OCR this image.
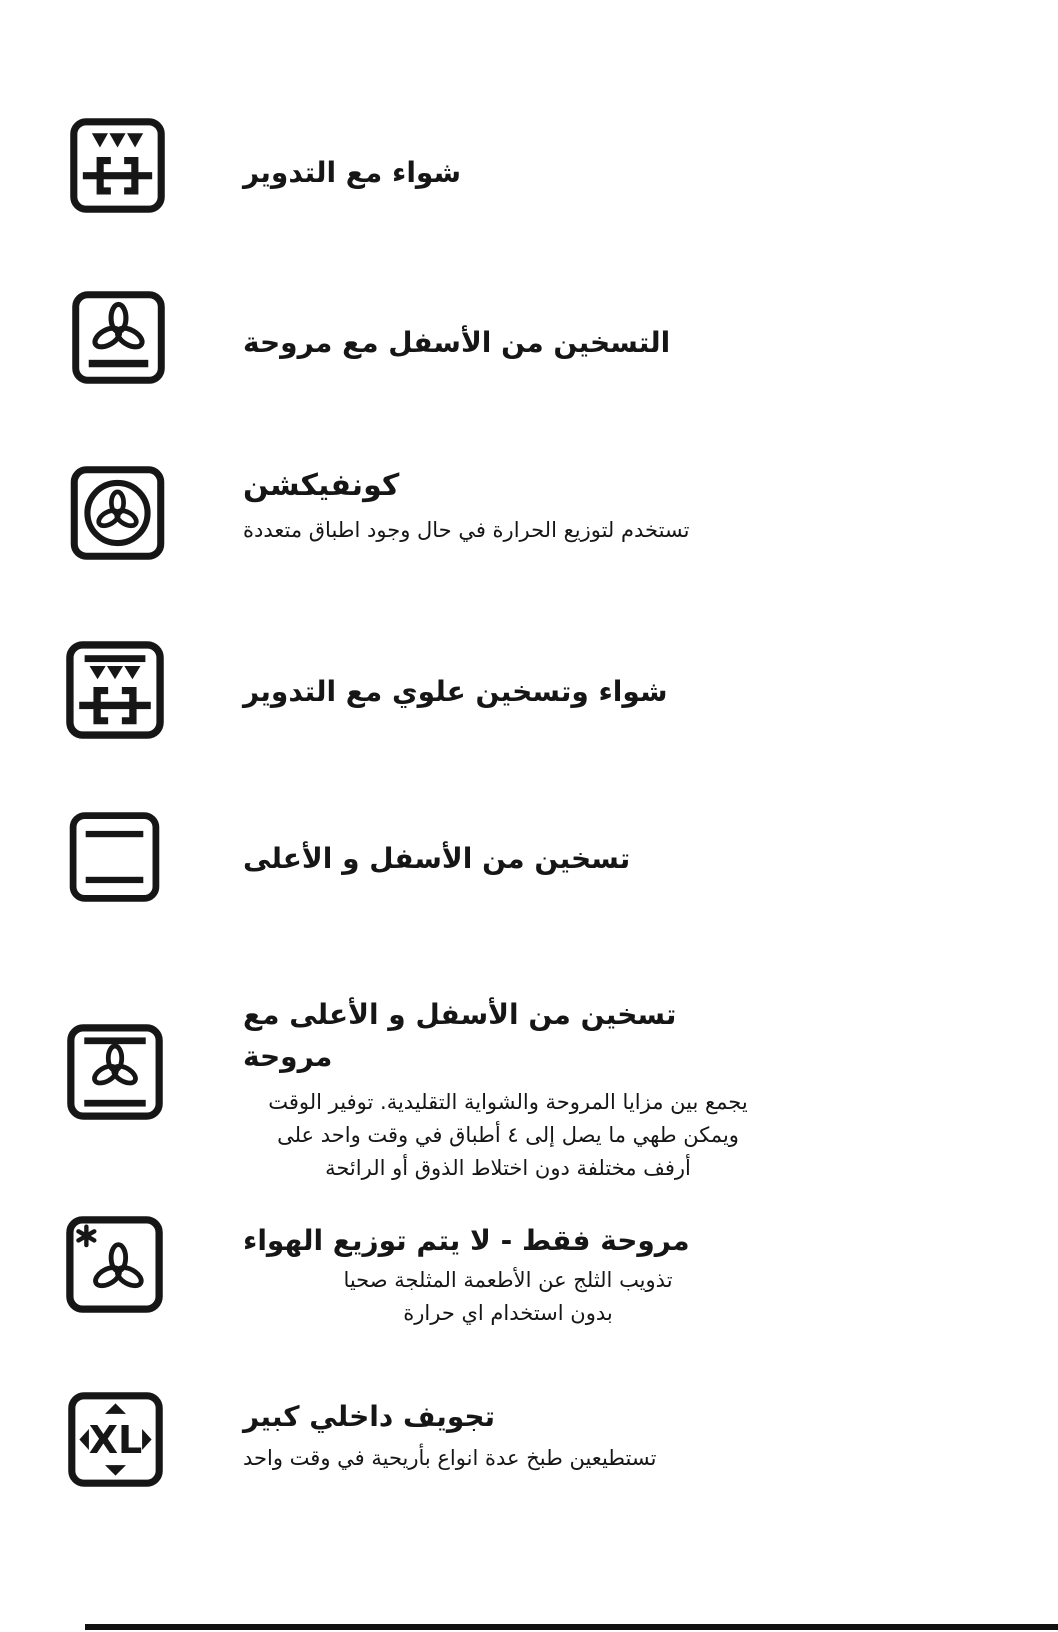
شواء مع التدوير
التسخين من الأسفل مع مروحة
كونفيكشن
تستخدم لتوزيع الحرارة في حال وجود اطباق متعددة
شواء وتسخين علوي مع التدوير
تسخين من الأسفل و الأعلى
تسخين من الأسفل و الأعلى مع مروحة
يجمع بين مزايا المروحة والشواية التقليدية. توفير الوقت
ويمكن طهي ما يصل إلى ٤ أطباق في وقت واحد على
أرفف مختلفة دون اختلاط الذوق أو الرائحة
مروحة فقط - لا يتم توزيع الهواء
تذويب الثلج عن الأطعمة المثلجة صحيا
بدون استخدام اي حرارة
XL
تجويف داخلي كبير
تستطيعين طبخ عدة انواع بأريحية في وقت واحد
